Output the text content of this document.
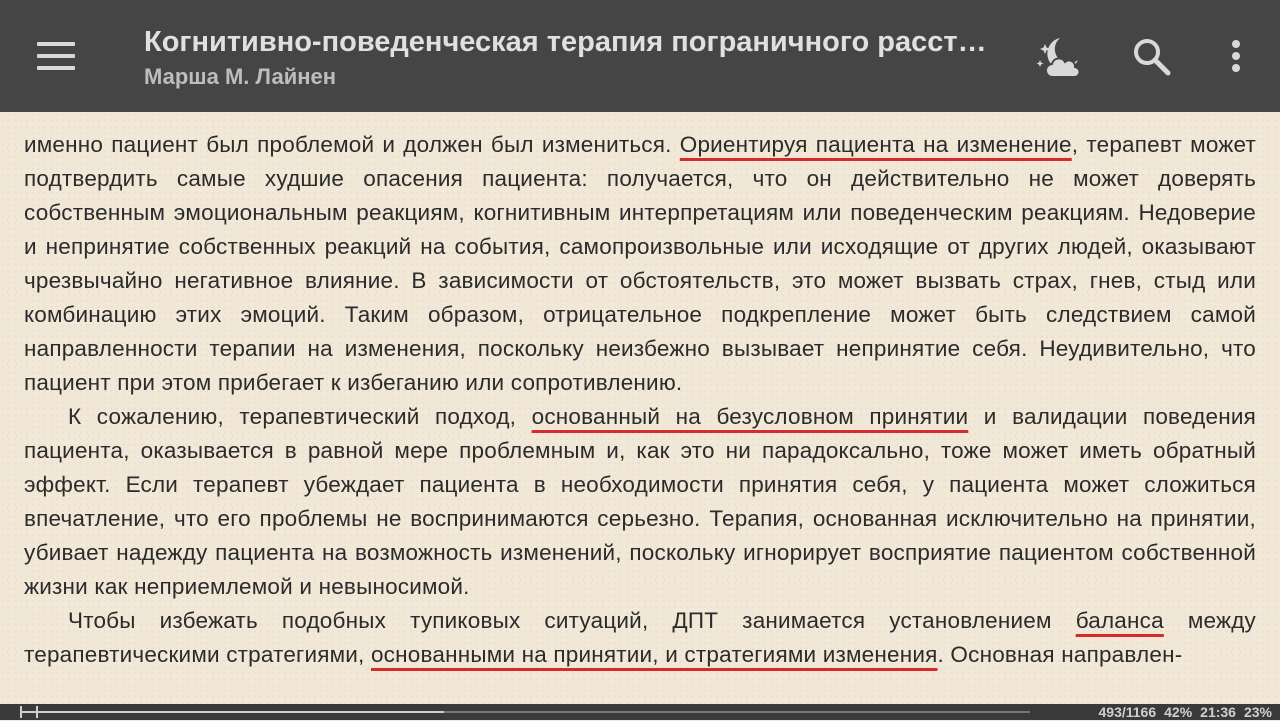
Когнитивно-поведенческая терапия пограничного расстр…
Марша М. Лайнен

именно пациент был проблемой и должен был измениться. Ориентируя пациента на изменение, терапевт может подтвердить самые худшие опасения пациента: получается, что он действительно не может доверять собственным эмоциональным реакциям, когнитивным интерпретациям или поведенческим реакциям. Недоверие и непринятие собственных реакций на события, самопроизвольные или исходящие от других людей, оказывают чрезвычайно негативное влияние. В зависимости от обстоятельств, это может вызвать страх, гнев, стыд или комбинацию этих эмоций. Таким образом, отрицательное подкрепление может быть следствием самой направленности терапии на изменения, поскольку неизбежно вызывает непринятие себя. Неудивительно, что пациент при этом прибегает к избеганию или сопротивлению.

К сожалению, терапевтический подход, основанный на безусловном принятии и валидации поведения пациента, оказывается в равной мере проблемным и, как это ни парадоксально, тоже может иметь обратный эффект. Если терапевт убеждает пациента в необходимости принятия себя, у пациента может сложиться впечатление, что его проблемы не воспринимаются серьезно. Терапия, основанная исключительно на принятии, убивает надежду пациента на возможность изменений, поскольку игнорирует восприятие пациентом собственной жизни как неприемлемой и невыносимой.

Чтобы избежать подобных тупиковых ситуаций, ДПТ занимается установлением баланса между терапевтическими стратегиями, основанными на принятии, и стратегиями изменения. Основная направлен-

493/1166 42% 21:36 23%
